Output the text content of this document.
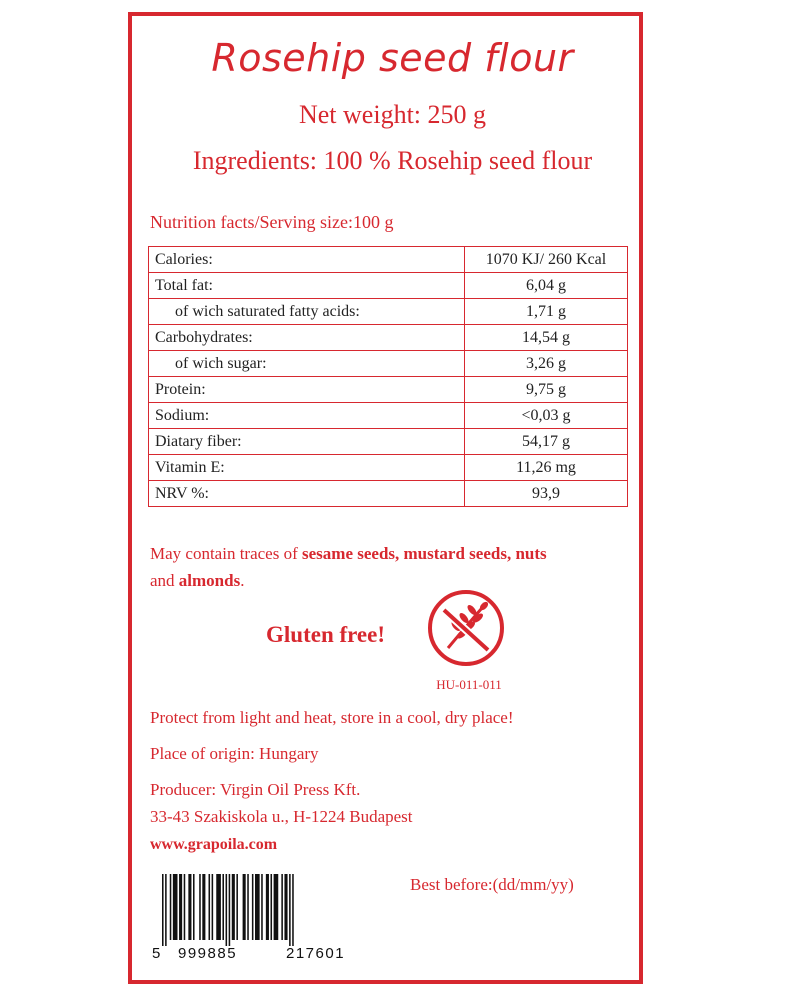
Rosehip seed flour
Net weight: 250 g
Ingredients: 100 % Rosehip seed flour
Nutrition facts/Serving size:100 g
Calories:	1070 KJ/ 260 Kcal
Total fat:	6,04 g
of wich saturated fatty acids:	1,71 g
Carbohydrates:	14,54 g
of wich sugar:	3,26 g
Protein:	9,75 g
Sodium:	<0,03 g
Diatary fiber:	54,17 g
Vitamin E:	11,26 mg
NRV %:	93,9
May contain traces of sesame seeds, mustard seeds, nuts
and almonds.
Gluten free!
HU-011-011
Protect from light and heat, store in a cool, dry place!
Place of origin: Hungary
Producer: Virgin Oil Press Kft.
33-43 Szakiskola u., H-1224 Budapest
www.grapoila.com
Best before:(dd/mm/yy)
5 999885	217601
